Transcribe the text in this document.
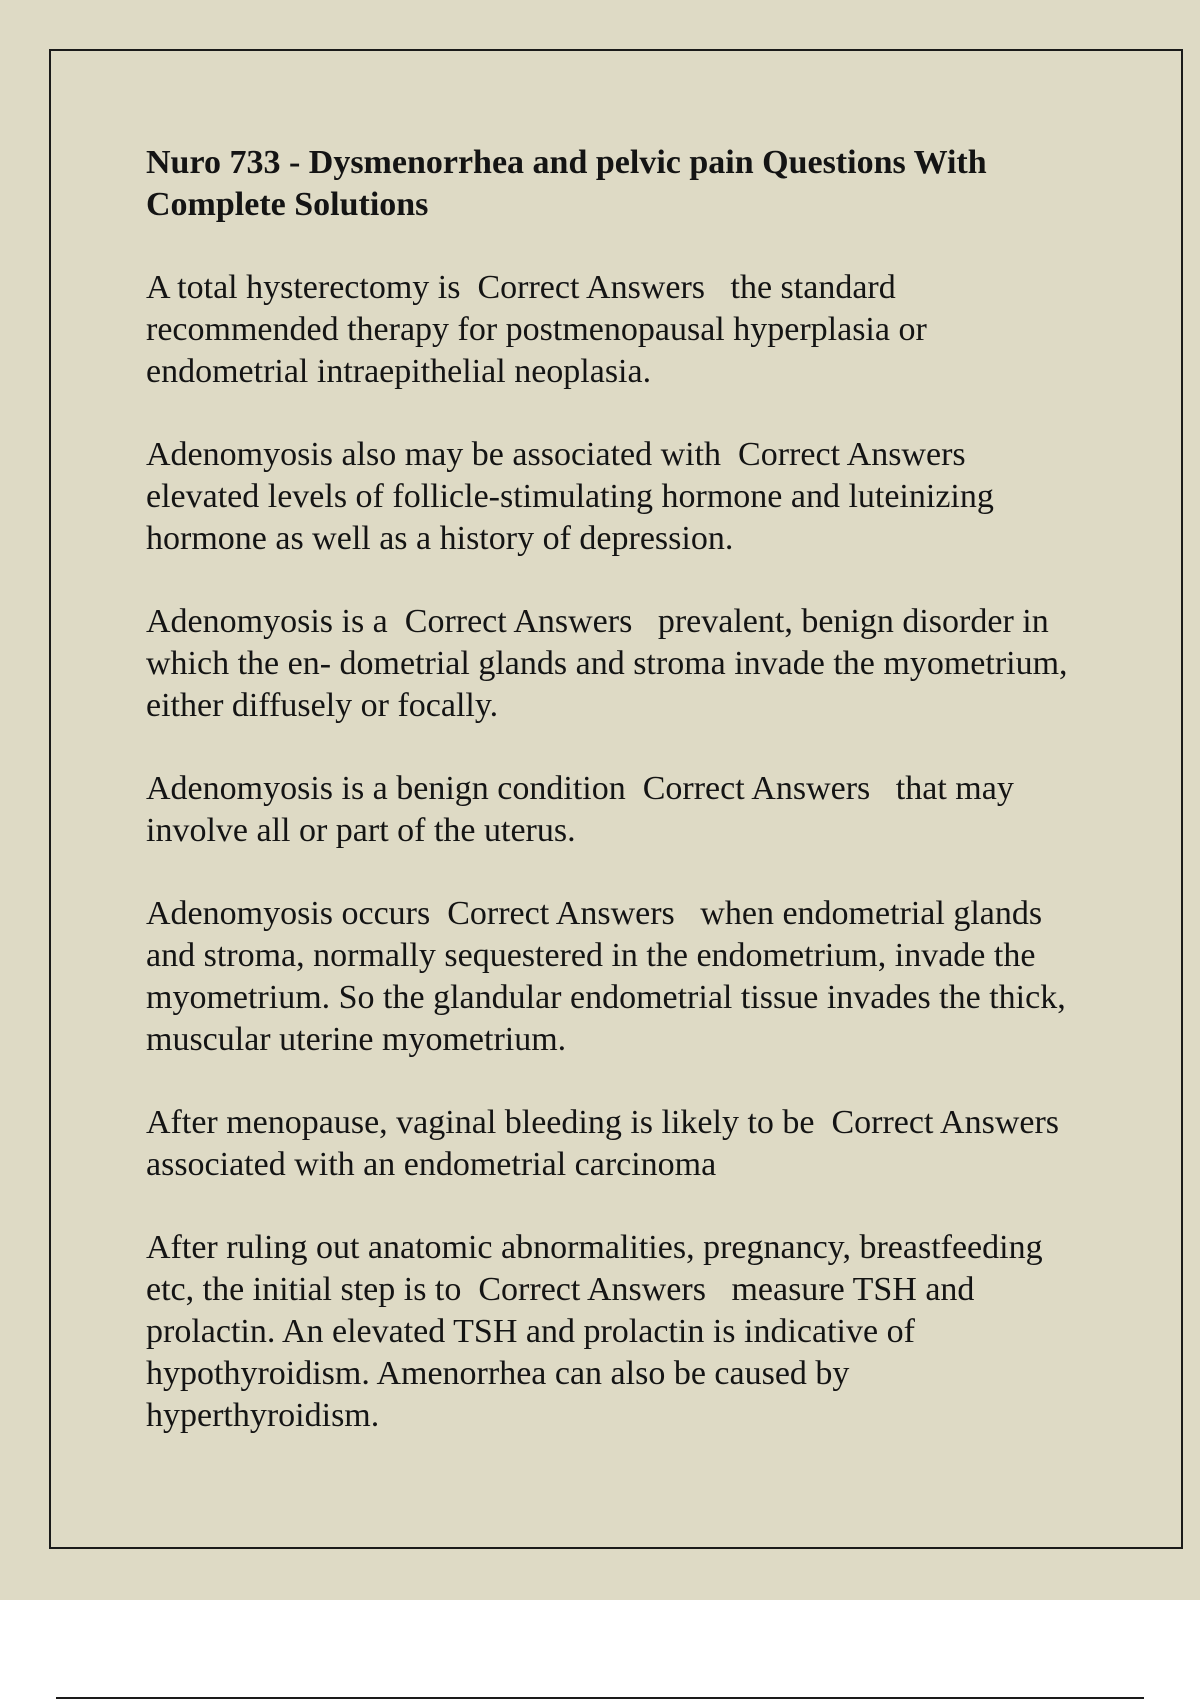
Nuro 733 - Dysmenorrhea and pelvic pain Questions With Complete Solutions
A total hysterectomy is  Correct Answers   the standard recommended therapy for postmenopausal hyperplasia or endometrial intraepithelial neoplasia.
Adenomyosis also may be associated with  Correct Answers   elevated levels of follicle-stimulating hormone and luteinizing hormone as well as a history of depression.
Adenomyosis is a  Correct Answers   prevalent, benign disorder in which the en- dometrial glands and stroma invade the myometrium, either diffusely or focally.
Adenomyosis is a benign condition  Correct Answers   that may involve all or part of the uterus.
Adenomyosis occurs  Correct Answers   when endometrial glands and stroma, normally sequestered in the endometrium, invade the myometrium. So the glandular endometrial tissue invades the thick, muscular uterine myometrium.
After menopause, vaginal bleeding is likely to be  Correct Answers   associated with an endometrial carcinoma
After ruling out anatomic abnormalities, pregnancy, breastfeeding etc, the initial step is to  Correct Answers   measure TSH and prolactin. An elevated TSH and prolactin is indicative of hypothyroidism. Amenorrhea can also be caused by hyperthyroidism.
